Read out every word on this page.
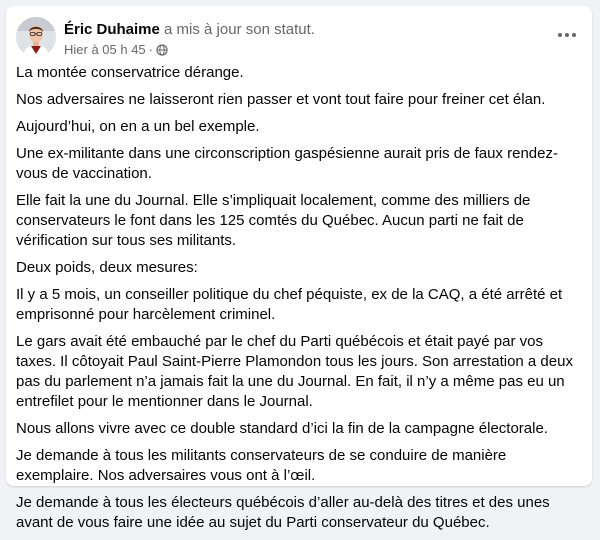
Éric Duhaime a mis à jour son statut.
Hier à 05 h 45 ·

La montée conservatrice dérange.

Nos adversaires ne laisseront rien passer et vont tout faire pour freiner cet élan.

Aujourd’hui, on en a un bel exemple.

Une ex-militante dans une circonscription gaspésienne aurait pris de faux rendez-vous de vaccination.

Elle fait la une du Journal. Elle s’impliquait localement, comme des milliers de conservateurs le font dans les 125 comtés du Québec. Aucun parti ne fait de vérification sur tous ses militants.

Deux poids, deux mesures:

Il y a 5 mois, un conseiller politique du chef péquiste, ex de la CAQ, a été arrêté et emprisonné pour harcèlement criminel.

Le gars avait été embauché par le chef du Parti québécois et était payé par vos taxes. Il côtoyait Paul Saint-Pierre Plamondon tous les jours. Son arrestation a deux pas du parlement n’a jamais fait la une du Journal. En fait, il n’y a même pas eu un entrefilet pour le mentionner dans le Journal.

Nous allons vivre avec ce double standard d’ici la fin de la campagne électorale.

Je demande à tous les militants conservateurs de se conduire de manière exemplaire. Nos adversaires vous ont à l’œil.

Je demande à tous les électeurs québécois d’aller au-delà des titres et des unes avant de vous faire une idée au sujet du Parti conservateur du Québec.
